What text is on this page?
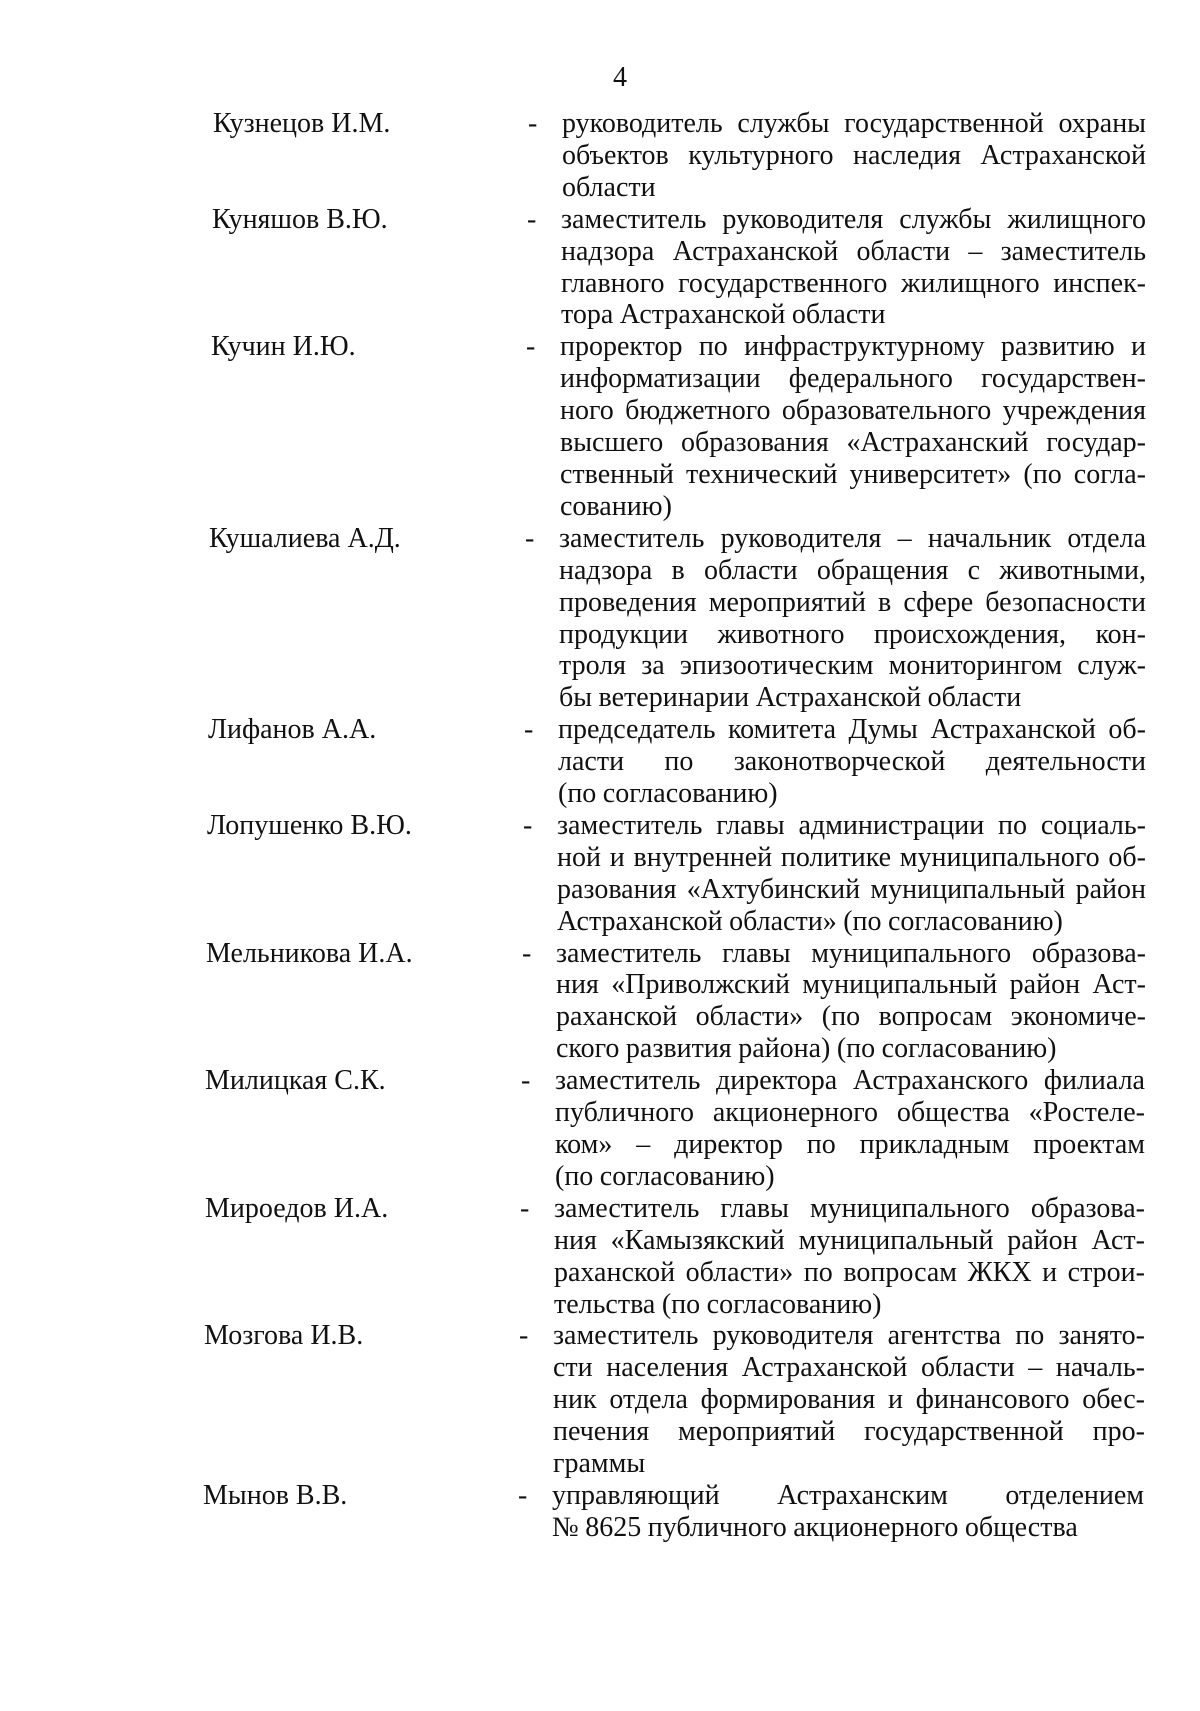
4
Кузнецов И.М.	- руководитель службы государственной охраны
объектов культурного наследия Астраханской
области
Куняшов В.Ю.	- заместитель руководителя службы жилищного
надзора Астраханской области – заместитель
главного государственного жилищного инспек-
тора Астраханской области
Кучин И.Ю.	- проректор по инфраструктурному развитию и
информатизации федерального государствен-
ного бюджетного образовательного учреждения
высшего образования «Астраханский государ-
ственный технический университет» (по согла-
сованию)
Кушалиева А.Д.	- заместитель руководителя – начальник отдела
надзора в области обращения с животными,
проведения мероприятий в сфере безопасности
продукции животного происхождения, кон-
троля за эпизоотическим мониторингом служ-
бы ветеринарии Астраханской области
Лифанов А.А.	- председатель комитета Думы Астраханской об-
ласти по законотворческой деятельности
(по согласованию)
Лопушенко В.Ю.	- заместитель главы администрации по социаль-
ной и внутренней политике муниципального об-
разования «Ахтубинский муниципальный район
Астраханской области» (по согласованию)
Мельникова И.А.	- заместитель главы муниципального образова-
ния «Приволжский муниципальный район Аст-
раханской области» (по вопросам экономиче-
ского развития района) (по согласованию)
Милицкая С.К.	- заместитель директора Астраханского филиала
публичного акционерного общества «Ростеле-
ком» – директор по прикладным проектам
(по согласованию)
Мироедов И.А.	- заместитель главы муниципального образова-
ния «Камызякский муниципальный район Аст-
раханской области» по вопросам ЖКХ и строи-
тельства (по согласованию)
Мозгова И.В.	- заместитель руководителя агентства по занято-
сти населения Астраханской области – началь-
ник отдела формирования и финансового обес-
печения мероприятий государственной про-
граммы
Мынов В.В.	- управляющий Астраханским отделением
№ 8625 публичного акционерного общества
